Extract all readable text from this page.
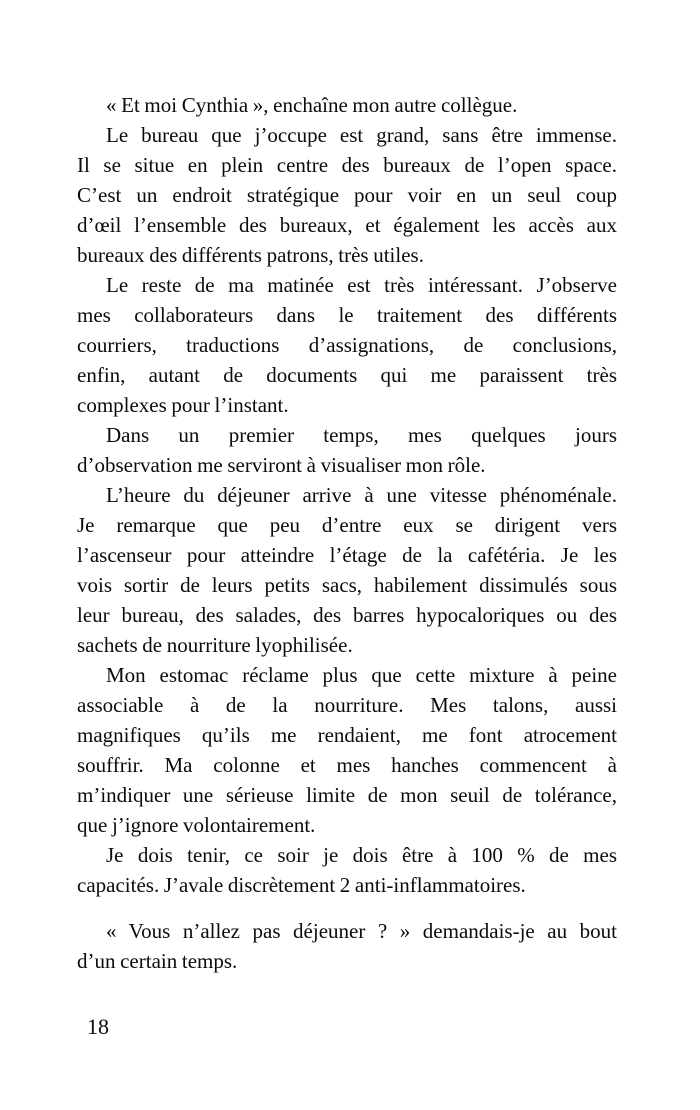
« Et moi Cynthia », enchaîne mon autre collègue.
Le bureau que j’occupe est grand, sans être immense.
Il se situe en plein centre des bureaux de l’open space.
C’est un endroit stratégique pour voir en un seul coup
d’œil l’ensemble des bureaux, et également les accès aux
bureaux des différents patrons, très utiles.
Le reste de ma matinée est très intéressant. J’observe
mes collaborateurs dans le traitement des différents
courriers, traductions d’assignations, de conclusions,
enfin, autant de documents qui me paraissent très
complexes pour l’instant.
Dans un premier temps, mes quelques jours
d’observation me serviront à visualiser mon rôle.
L’heure du déjeuner arrive à une vitesse phénoménale.
Je remarque que peu d’entre eux se dirigent vers
l’ascenseur pour atteindre l’étage de la cafétéria. Je les
vois sortir de leurs petits sacs, habilement dissimulés sous
leur bureau, des salades, des barres hypocaloriques ou des
sachets de nourriture lyophilisée.
Mon estomac réclame plus que cette mixture à peine
associable à de la nourriture. Mes talons, aussi
magnifiques qu’ils me rendaient, me font atrocement
souffrir. Ma colonne et mes hanches commencent à
m’indiquer une sérieuse limite de mon seuil de tolérance,
que j’ignore volontairement.
Je dois tenir, ce soir je dois être à 100 % de mes
capacités. J’avale discrètement 2 anti-inflammatoires.
« Vous n’allez pas déjeuner ? » demandais-je au bout
d’un certain temps.
18
